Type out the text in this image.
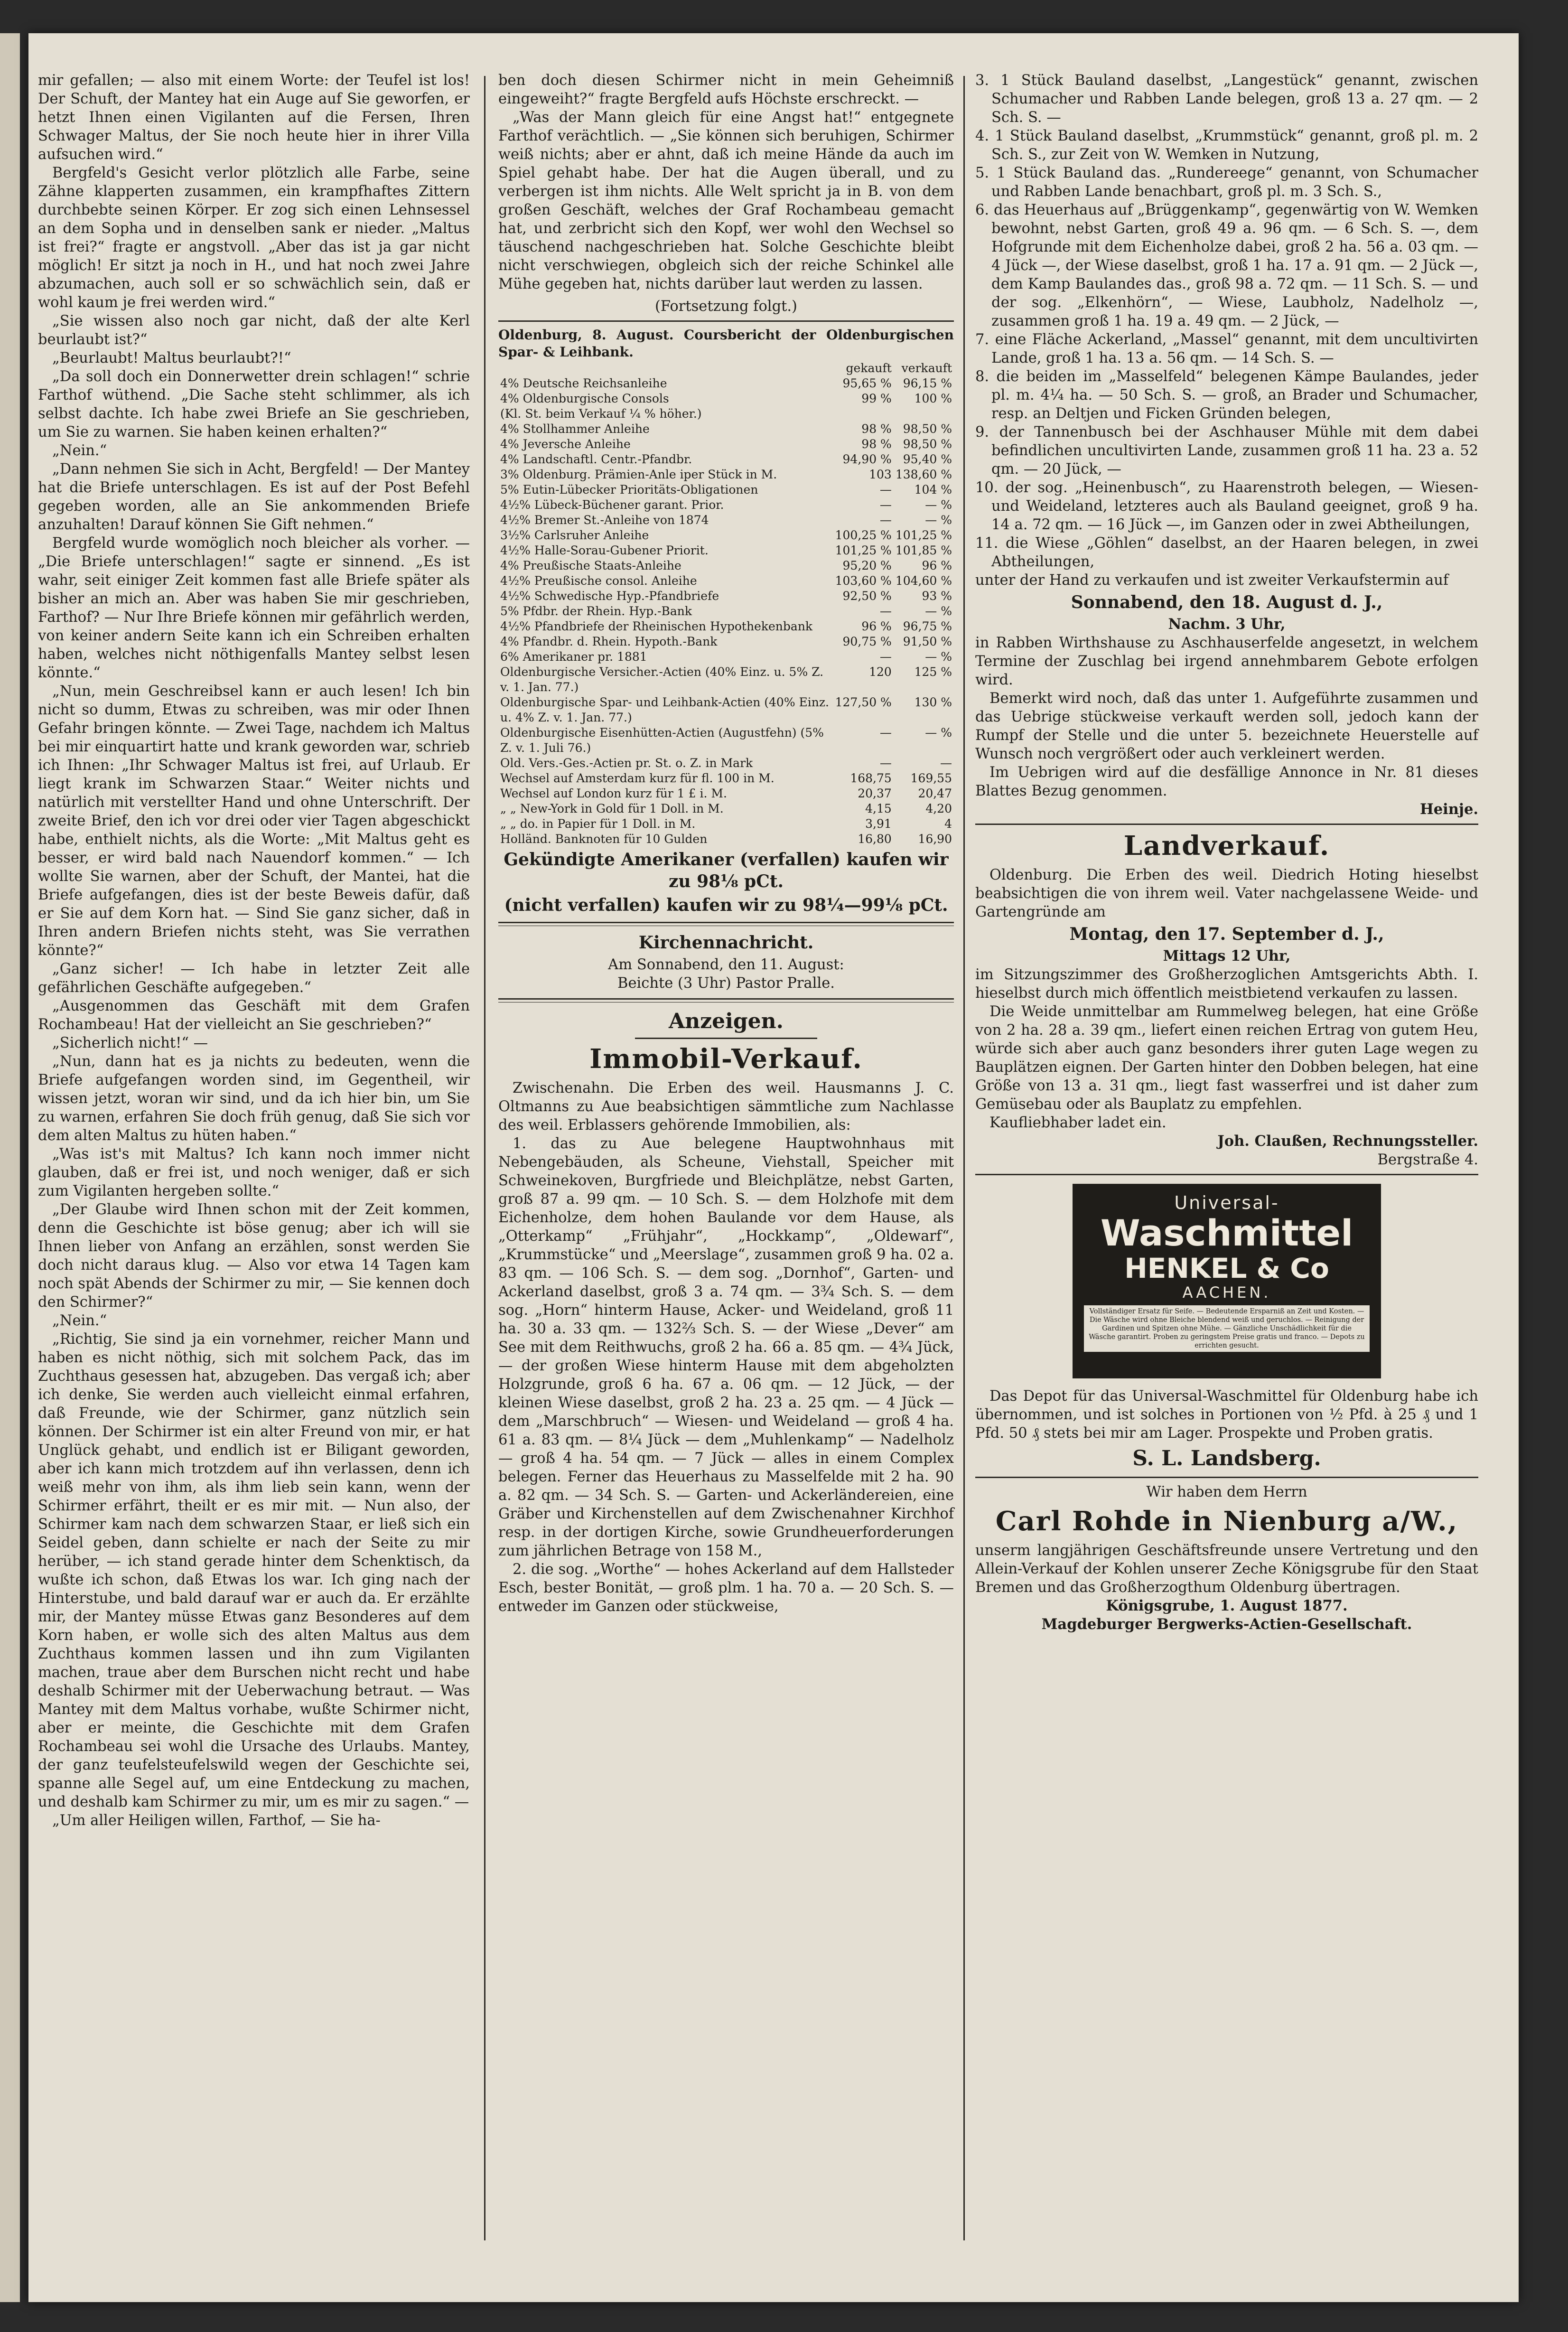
mir gefallen; — also mit einem Worte: der Teufel ist los! Der Schuft, der Mantey hat ein Auge auf Sie geworfen, er hetzt Ihnen einen Vigilanten auf die Fersen, Ihren Schwager Maltus, der Sie noch heute hier in ihrer Villa aufsuchen wird.“

Bergfeld's Gesicht verlor plötzlich alle Farbe, seine Zähne klapperten zusammen, ein krampfhaftes Zittern durchbebte seinen Körper. Er zog sich einen Lehnsessel an dem Sopha und in denselben sank er nieder. „Maltus ist frei?“ fragte er angstvoll. „Aber das ist ja gar nicht möglich! Er sitzt ja noch in H., und hat noch zwei Jahre abzumachen, auch soll er so schwächlich sein, daß er wohl kaum je frei werden wird.“

„Sie wissen also noch gar nicht, daß der alte Kerl beurlaubt ist?“

„Beurlaubt! Maltus beurlaubt?!“

„Da soll doch ein Donnerwetter drein schlagen!“ schrie Farthof wüthend. „Die Sache steht schlimmer, als ich selbst dachte. Ich habe zwei Briefe an Sie geschrieben, um Sie zu warnen. Sie haben keinen erhalten?“

„Nein.“

„Dann nehmen Sie sich in Acht, Bergfeld! — Der Mantey hat die Briefe unterschlagen. Es ist auf der Post Befehl gegeben worden, alle an Sie ankommenden Briefe anzuhalten! Darauf können Sie Gift nehmen.“

Bergfeld wurde womöglich noch bleicher als vorher. — „Die Briefe unterschlagen!“ sagte er sinnend. „Es ist wahr, seit einiger Zeit kommen fast alle Briefe später als bisher an mich an. Aber was haben Sie mir geschrieben, Farthof? — Nur Ihre Briefe können mir gefährlich werden, von keiner andern Seite kann ich ein Schreiben erhalten haben, welches nicht nöthigenfalls Mantey selbst lesen könnte.“

„Nun, mein Geschreibsel kann er auch lesen! Ich bin nicht so dumm, Etwas zu schreiben, was mir oder Ihnen Gefahr bringen könnte. — Zwei Tage, nachdem ich Maltus bei mir einquartirt hatte und krank geworden war, schrieb ich Ihnen: „Ihr Schwager Maltus ist frei, auf Urlaub. Er liegt krank im Schwarzen Staar.“ Weiter nichts und natürlich mit verstellter Hand und ohne Unterschrift. Der zweite Brief, den ich vor drei oder vier Tagen abgeschickt habe, enthielt nichts, als die Worte: „Mit Maltus geht es besser, er wird bald nach Nauendorf kommen.“ — Ich wollte Sie warnen, aber der Schuft, der Mantei, hat die Briefe aufgefangen, dies ist der beste Beweis dafür, daß er Sie auf dem Korn hat. — Sind Sie ganz sicher, daß in Ihren andern Briefen nichts steht, was Sie verrathen könnte?“

„Ganz sicher! — Ich habe in letzter Zeit alle gefährlichen Geschäfte aufgegeben.“

„Ausgenommen das Geschäft mit dem Grafen Rochambeau! Hat der vielleicht an Sie geschrieben?“

„Sicherlich nicht!“ —

„Nun, dann hat es ja nichts zu bedeuten, wenn die Briefe aufgefangen worden sind, im Gegentheil, wir wissen jetzt, woran wir sind, und da ich hier bin, um Sie zu warnen, erfahren Sie doch früh genug, daß Sie sich vor dem alten Maltus zu hüten haben.“

„Was ist's mit Maltus? Ich kann noch immer nicht glauben, daß er frei ist, und noch weniger, daß er sich zum Vigilanten hergeben sollte.“

„Der Glaube wird Ihnen schon mit der Zeit kommen, denn die Geschichte ist böse genug; aber ich will sie Ihnen lieber von Anfang an erzählen, sonst werden Sie doch nicht daraus klug. — Also vor etwa 14 Tagen kam noch spät Abends der Schirmer zu mir, — Sie kennen doch den Schirmer?“

„Nein.“

„Richtig, Sie sind ja ein vornehmer, reicher Mann und haben es nicht nöthig, sich mit solchem Pack, das im Zuchthaus gesessen hat, abzugeben. Das vergaß ich; aber ich denke, Sie werden auch vielleicht einmal erfahren, daß Freunde, wie der Schirmer, ganz nützlich sein können. Der Schirmer ist ein alter Freund von mir, er hat Unglück gehabt, und endlich ist er Biligant geworden, aber ich kann mich trotzdem auf ihn verlassen, denn ich weiß mehr von ihm, als ihm lieb sein kann, wenn der Schirmer erfährt, theilt er es mir mit. — Nun also, der Schirmer kam nach dem schwarzen Staar, er ließ sich ein Seidel geben, dann schielte er nach der Seite zu mir herüber, — ich stand gerade hinter dem Schenktisch, da wußte ich schon, daß Etwas los war. Ich ging nach der Hinterstube, und bald darauf war er auch da. Er erzählte mir, der Mantey müsse Etwas ganz Besonderes auf dem Korn haben, er wolle sich des alten Maltus aus dem Zuchthaus kommen lassen und ihn zum Vigilanten machen, traue aber dem Burschen nicht recht und habe deshalb Schirmer mit der Ueberwachung betraut. — Was Mantey mit dem Maltus vorhabe, wußte Schirmer nicht, aber er meinte, die Geschichte mit dem Grafen Rochambeau sei wohl die Ursache des Urlaubs. Mantey, der ganz teufelsteufelswild wegen der Geschichte sei, spanne alle Segel auf, um eine Entdeckung zu machen, und deshalb kam Schirmer zu mir, um es mir zu sagen.“ —

„Um aller Heiligen willen, Farthof, — Sie ha-

ben doch diesen Schirmer nicht in mein Geheimniß eingeweiht?“ fragte Bergfeld aufs Höchste erschreckt. —

„Was der Mann gleich für eine Angst hat!“ entgegnete Farthof verächtlich. — „Sie können sich beruhigen, Schirmer weiß nichts; aber er ahnt, daß ich meine Hände da auch im Spiel gehabt habe. Der hat die Augen überall, und zu verbergen ist ihm nichts. Alle Welt spricht ja in B. von dem großen Geschäft, welches der Graf Rochambeau gemacht hat, und zerbricht sich den Kopf, wer wohl den Wechsel so täuschend nachgeschrieben hat. Solche Geschichte bleibt nicht verschwiegen, obgleich sich der reiche Schinkel alle Mühe gegeben hat, nichts darüber laut werden zu lassen.

(Fortsetzung folgt.)

Oldenburg, 8. August. Coursbericht der Oldenburgischen Spar- & Leihbank.

	gekauft	verkauft
4% Deutsche Reichsanleihe	95,65 %	96,15 %
4% Oldenburgische Consols	99 %	100 %
(Kl. St. beim Verkauf ¼ % höher.)		
4% Stollhammer Anleihe	98 %	98,50 %
4% Jeversche Anleihe	98 %	98,50 %
4% Landschaftl. Centr.-Pfandbr.	94,90 %	95,40 %
3% Oldenburg. Prämien-Anle iper Stück in M.	103	138,60 %
5% Eutin-Lübecker Prioritäts-Obligationen	—	104 %
4½% Lübeck-Büchener garant. Prior.	—	— %
4½% Bremer St.-Anleihe von 1874	—	— %
3½% Carlsruher Anleihe	100,25 %	101,25 %
4½% Halle-Sorau-Gubener Priorit.	101,25 %	101,85 %
4% Preußische Staats-Anleihe	95,20 %	96 %
4½% Preußische consol. Anleihe	103,60 %	104,60 %
4½% Schwedische Hyp.-Pfandbriefe	92,50 %	93 %
5% Pfdbr. der Rhein. Hyp.-Bank	—	— %
4½% Pfandbriefe der Rheinischen Hypothekenbank	96 %	96,75 %
4% Pfandbr. d. Rhein. Hypoth.-Bank	90,75 %	91,50 %
6% Amerikaner pr. 1881	—	— %
Oldenburgische Versicher.-Actien (40% Einz. u. 5% Z. v. 1. Jan. 77.)	120	125 %
Oldenburgische Spar- und Leihbank-Actien (40% Einz. u. 4% Z. v. 1. Jan. 77.)	127,50 %	130 %
Oldenburgische Eisenhütten-Actien (Augustfehn) (5% Z. v. 1. Juli 76.)	—	— %
Old. Vers.-Ges.-Actien pr. St. o. Z. in Mark	—	—
Wechsel auf Amsterdam kurz für fl. 100 in M.	168,75	169,55
Wechsel auf London kurz für 1 £ i. M.	20,37	20,47
„ „ New-York in Gold für 1 Doll. in M.	4,15	4,20
„ „ do. in Papier für 1 Doll. in M.	3,91	4
Holländ. Banknoten für 10 Gulden	16,80	16,90

Gekündigte Amerikaner (verfallen) kaufen wir zu 98⅛ pCt.

(nicht verfallen) kaufen wir zu 98¼—99⅛ pCt.

Kirchennachricht.

Am Sonnabend, den 11. August:

Beichte (3 Uhr) Pastor Pralle.

Anzeigen.

Immobil-Verkauf.

Zwischenahn. Die Erben des weil. Hausmanns J. C. Oltmanns zu Aue beabsichtigen sämmtliche zum Nachlasse des weil. Erblassers gehörende Immobilien, als:

1. das zu Aue belegene Hauptwohnhaus mit Nebengebäuden, als Scheune, Viehstall, Speicher mit Schweinekoven, Burgfriede und Bleichplätze, nebst Garten, groß 87 a. 99 qm. — 10 Sch. S. — dem Holzhofe mit dem Eichenholze, dem hohen Baulande vor dem Hause, als „Otterkamp“ „Frühjahr“, „Hockkamp“, „Oldewarf“, „Krummstücke“ und „Meerslage“, zusammen groß 9 ha. 02 a. 83 qm. — 106 Sch. S. — dem sog. „Dornhof“, Garten- und Ackerland daselbst, groß 3 a. 74 qm. — 3¾ Sch. S. — dem sog. „Horn“ hinterm Hause, Acker- und Weideland, groß 11 ha. 30 a. 33 qm. — 132⅔ Sch. S. — der Wiese „Dever“ am See mit dem Reithwuchs, groß 2 ha. 66 a. 85 qm. — 4¾ Jück, — der großen Wiese hinterm Hause mit dem abgeholzten Holzgrunde, groß 6 ha. 67 a. 06 qm. — 12 Jück, — der kleinen Wiese daselbst, groß 2 ha. 23 a. 25 qm. — 4 Jück — dem „Marschbruch“ — Wiesen- und Weideland — groß 4 ha. 61 a. 83 qm. — 8¼ Jück — dem „Muhlenkamp“ — Nadelholz — groß 4 ha. 54 qm. — 7 Jück — alles in einem Complex belegen. Ferner das Heuerhaus zu Masselfelde mit 2 ha. 90 a. 82 qm. — 34 Sch. S. — Garten- und Ackerländereien, eine Gräber und Kirchenstellen auf dem Zwischenahner Kirchhof resp. in der dortigen Kirche, sowie Grundheuerforderungen zum jährlichen Betrage von 158 M.,

2. die sog. „Worthe“ — hohes Ackerland auf dem Hallsteder Esch, bester Bonität, — groß plm. 1 ha. 70 a. — 20 Sch. S. — entweder im Ganzen oder stückweise,

3. 1 Stück Bauland daselbst, „Langestück“ genannt, zwischen Schumacher und Rabben Lande belegen, groß 13 a. 27 qm. — 2 Sch. S. —

4. 1 Stück Bauland daselbst, „Krummstück“ genannt, groß pl. m. 2 Sch. S., zur Zeit von W. Wemken in Nutzung,

5. 1 Stück Bauland das. „Rundereege“ genannt, von Schumacher und Rabben Lande benachbart, groß pl. m. 3 Sch. S.,

6. das Heuerhaus auf „Brüggenkamp“, gegenwärtig von W. Wemken bewohnt, nebst Garten, groß 49 a. 96 qm. — 6 Sch. S. —, dem Hofgrunde mit dem Eichenholze dabei, groß 2 ha. 56 a. 03 qm. — 4 Jück —, der Wiese daselbst, groß 1 ha. 17 a. 91 qm. — 2 Jück —, dem Kamp Baulandes das., groß 98 a. 72 qm. — 11 Sch. S. — und der sog. „Elkenhörn“, — Wiese, Laubholz, Nadelholz —, zusammen groß 1 ha. 19 a. 49 qm. — 2 Jück, —

7. eine Fläche Ackerland, „Massel“ genannt, mit dem uncultivirten Lande, groß 1 ha. 13 a. 56 qm. — 14 Sch. S. —

8. die beiden im „Masselfeld“ belegenen Kämpe Baulandes, jeder pl. m. 4¼ ha. — 50 Sch. S. — groß, an Brader und Schumacher, resp. an Deltjen und Ficken Gründen belegen,

9. der Tannenbusch bei der Aschhauser Mühle mit dem dabei befindlichen uncultivirten Lande, zusammen groß 11 ha. 23 a. 52 qm. — 20 Jück, —

10. der sog. „Heinenbusch“, zu Haarenstroth belegen, — Wiesen- und Weideland, letzteres auch als Bauland geeignet, groß 9 ha. 14 a. 72 qm. — 16 Jück —, im Ganzen oder in zwei Abtheilungen,

11. die Wiese „Göhlen“ daselbst, an der Haaren belegen, in zwei Abtheilungen,

unter der Hand zu verkaufen und ist zweiter Verkaufstermin auf

Sonnabend, den 18. August d. J.,

Nachm. 3 Uhr,

in Rabben Wirthshause zu Aschhauserfelde angesetzt, in welchem Termine der Zuschlag bei irgend annehmbarem Gebote erfolgen wird.

Bemerkt wird noch, daß das unter 1. Aufgeführte zusammen und das Uebrige stückweise verkauft werden soll, jedoch kann der Rumpf der Stelle und die unter 5. bezeichnete Heuerstelle auf Wunsch noch vergrößert oder auch verkleinert werden.

Im Uebrigen wird auf die desfällige Annonce in Nr. 81 dieses Blattes Bezug genommen.

Heinje.

Landverkauf.

Oldenburg. Die Erben des weil. Diedrich Hoting hieselbst beabsichtigen die von ihrem weil. Vater nachgelassene Weide- und Gartengründe am

Montag, den 17. September d. J.,

Mittags 12 Uhr,

im Sitzungszimmer des Großherzoglichen Amtsgerichts Abth. I. hieselbst durch mich öffentlich meistbietend verkaufen zu lassen.

Die Weide unmittelbar am Rummelweg belegen, hat eine Größe von 2 ha. 28 a. 39 qm., liefert einen reichen Ertrag von gutem Heu, würde sich aber auch ganz besonders ihrer guten Lage wegen zu Bauplätzen eignen. Der Garten hinter den Dobben belegen, hat eine Größe von 13 a. 31 qm., liegt fast wasserfrei und ist daher zum Gemüsebau oder als Bauplatz zu empfehlen.

Kaufliebhaber ladet ein.

Joh. Claußen, Rechnungssteller.

Bergstraße 4.

Universal-
Waschmittel
HENKEL & Co
AACHEN.
Vollständiger Ersatz für Seife. — Bedeutende Ersparniß an Zeit und Kosten. — Die Wäsche wird ohne Bleiche blendend weiß und geruchlos. — Reinigung der Gardinen und Spitzen ohne Mühe. — Gänzliche Unschädlichkeit für die Wäsche garantirt. Proben zu geringstem Preise gratis und franco. — Depots zu errichten gesucht.

Das Depot für das Universal-Waschmittel für Oldenburg habe ich übernommen, und ist solches in Portionen von ½ Pfd. à 25 ₰ und 1 Pfd. 50 ₰ stets bei mir am Lager. Prospekte und Proben gratis.

S. L. Landsberg.

Wir haben dem Herrn

Carl Rohde in Nienburg a/W.,

unserm langjährigen Geschäftsfreunde unsere Vertretung und den Allein-Verkauf der Kohlen unserer Zeche Königsgrube für den Staat Bremen und das Großherzogthum Oldenburg übertragen.

Königsgrube, 1. August 1877.

Magdeburger Bergwerks-Actien-Gesellschaft.
